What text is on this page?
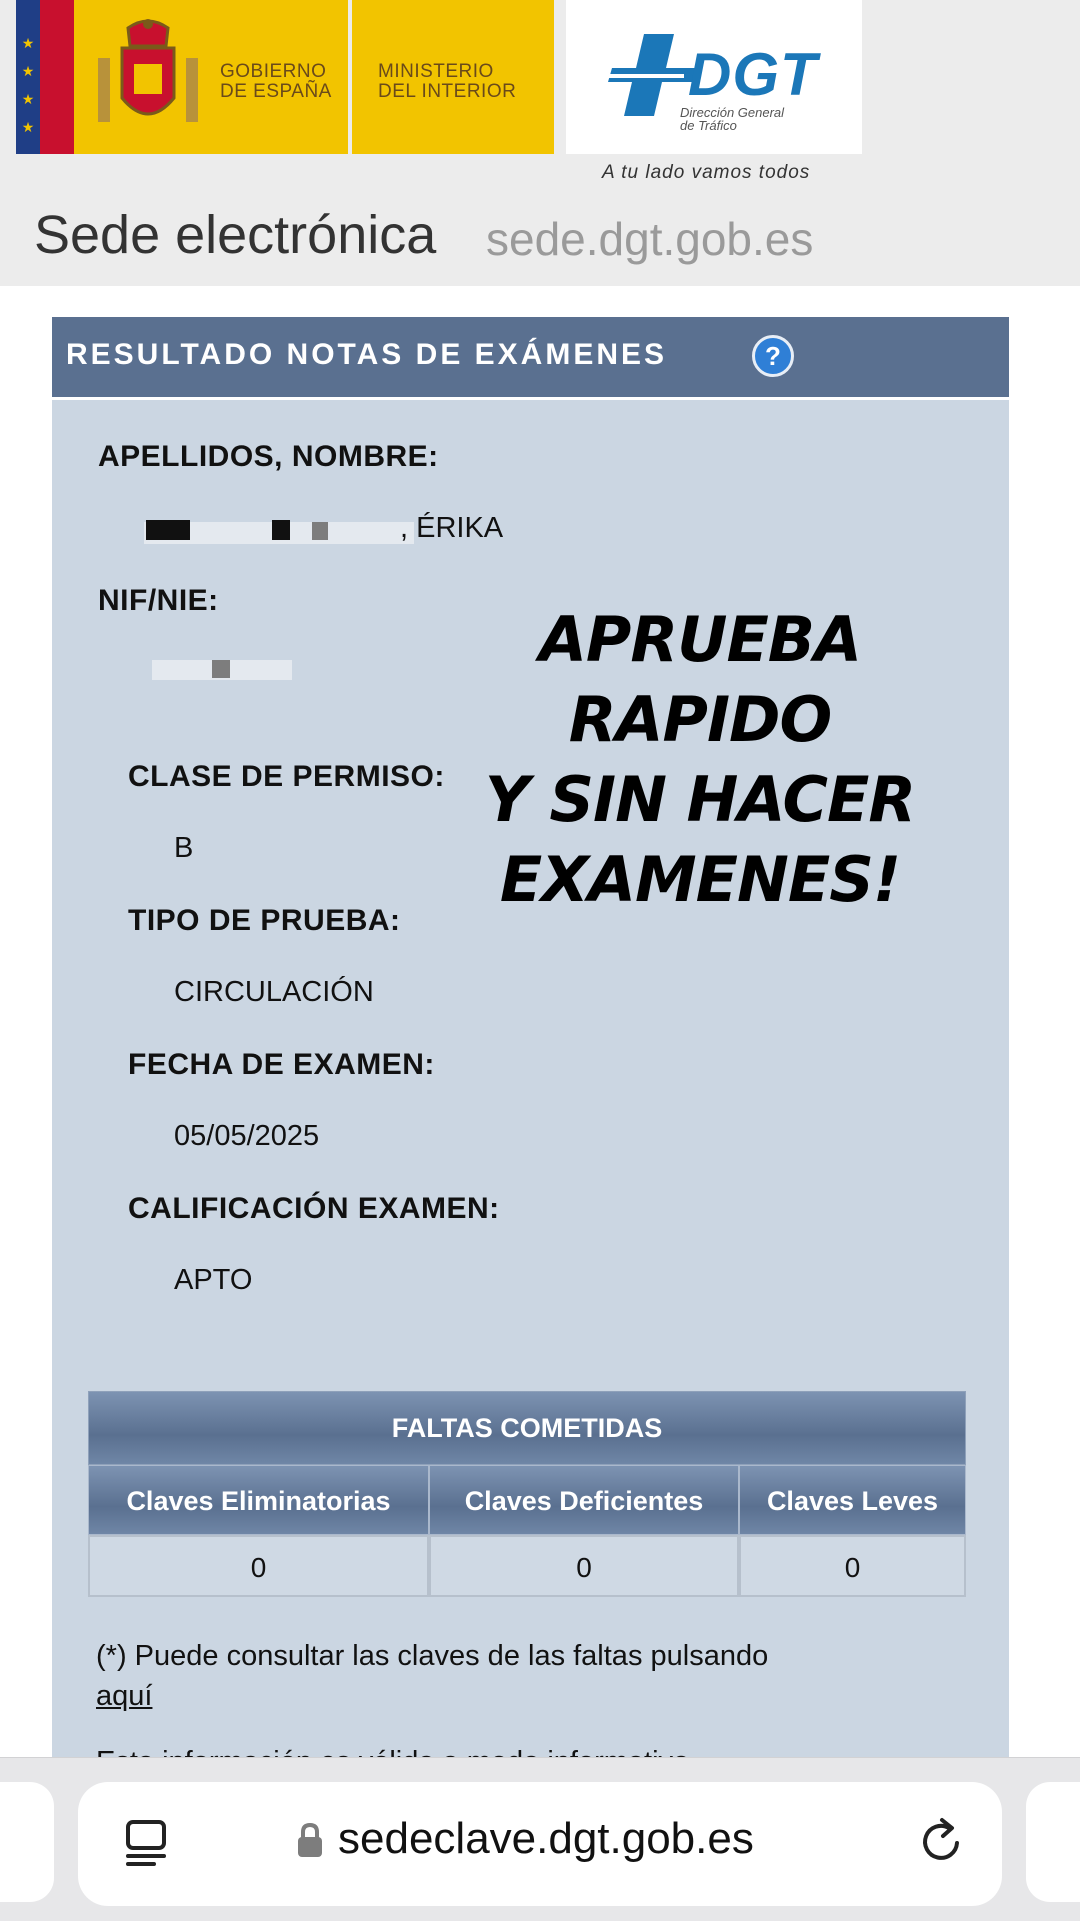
★
★
★
★
GOBIERNO
DE ESPAÑA
MINISTERIO
DEL INTERIOR	DGT
Dirección General
de Tráfico
A tu lado vamos todos
Sede electrónica sede.dgt.gob.es
RESULTADO NOTAS DE EXÁMENES	?
APELLIDOS, NOMBRE:
, ÉRIKA
NIF/NIE:
CLASE DE PERMISO:
B
TIPO DE PRUEBA:
CIRCULACIÓN
FECHA DE EXAMEN:
05/05/2025
CALIFICACIÓN EXAMEN:
APTO
APRUEBA RAPIDO
Y SIN HACER
EXAMENES!
FALTAS COMETIDAS
Claves Eliminatorias	Claves Deficientes	Claves Leves
0	0	0
(*) Puede consultar las claves de las faltas pulsando
aquí
sedeclave.dgt.gob.es
